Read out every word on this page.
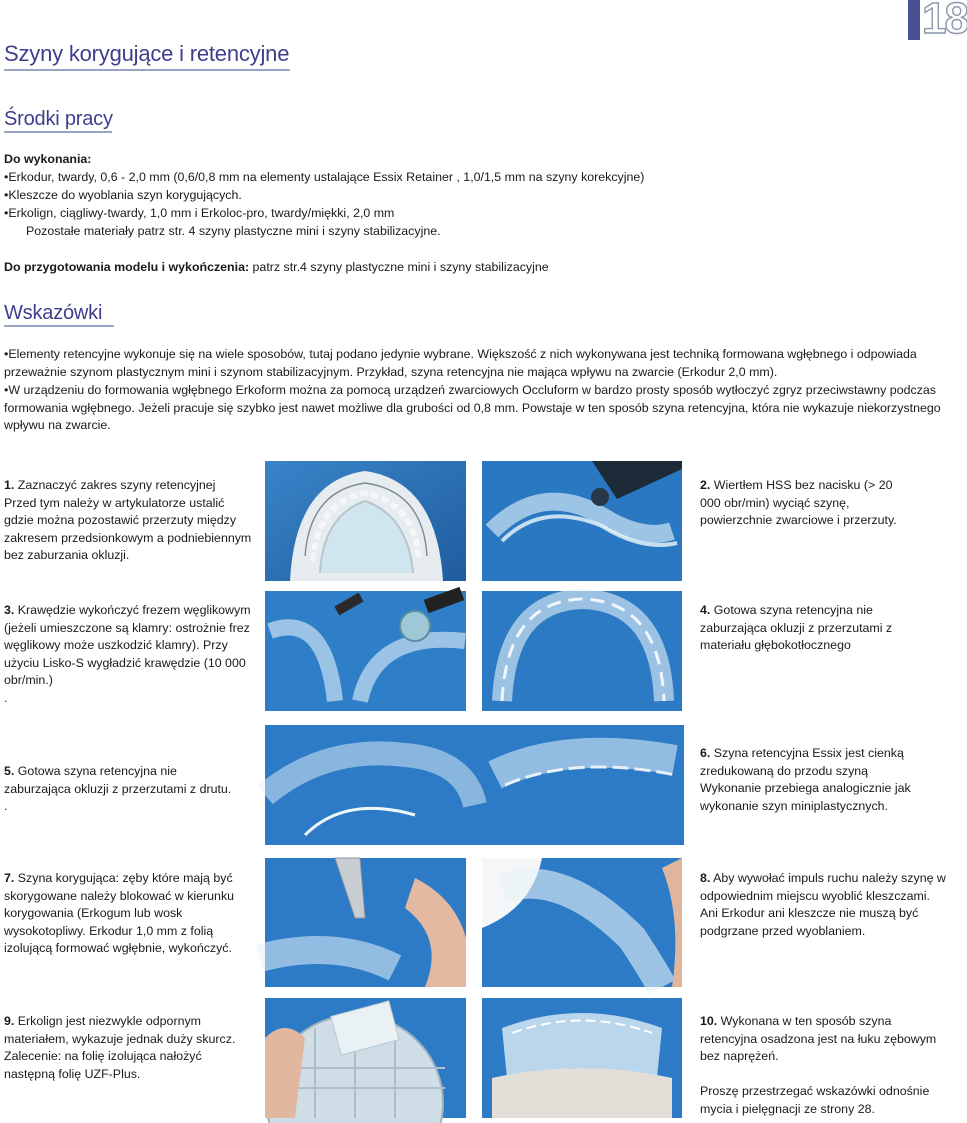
18
Szyny korygujące i retencyjne
Środki pracy
Do wykonania:
•Erkodur, twardy, 0,6 - 2,0 mm (0,6/0,8 mm na elementy ustalające Essix Retainer , 1,0/1,5 mm na szyny korekcyjne)
•Kleszcze do wyoblania szyn korygujących.
•Erkolign, ciągliwy-twardy, 1,0 mm i Erkoloc-pro, twardy/miękki, 2,0 mm
Pozostałe materiały patrz str. 4 szyny plastyczne mini i szyny stabilizacyjne.
Do przygotowania modelu i wykończenia: patrz str.4 szyny plastyczne mini i szyny stabilizacyjne
Wskazówki
•Elementy retencyjne wykonuje się na wiele sposobów, tutaj podano jedynie wybrane. Większość z nich wykonywana jest techniką formowana wgłębnego i odpowiada przeważnie szynom plastycznym mini i szynom stabilizacyjnym. Przykład, szyna retencyjna nie mająca wpływu na zwarcie (Erkodur 2,0 mm).
•W urządzeniu do formowania wgłębnego Erkoform można za pomocą urządzeń zwarciowych Occluform w bardzo prosty sposób wytłoczyć zgryz przeciwstawny podczas formowania wgłębnego. Jeżeli pracuje się szybko jest nawet możliwe dla grubości od 0,8 mm. Powstaje w ten sposób szyna retencyjna, która nie wykazuje niekorzystnego wpływu na zwarcie.
1. Zaznaczyć zakres szyny retencyjnej
Przed tym należy w artykulatorze ustalić gdzie można pozostawić przerzuty między zakresem przedsionkowym a podniebiennym bez zaburzania okluzji.
2. Wiertłem HSS bez nacisku (> 20 000 obr/min) wyciąć szynę, powierzchnie zwarciowe i przerzuty.
3. Krawędzie wykończyć frezem węglikowym (jeżeli umieszczone są klamry: ostrożnie frez węglikowy może uszkodzić klamry). Przy użyciu Lisko-S wygładzić krawędzie (10 000 obr/min.)
.
4. Gotowa szyna retencyjna nie zaburzająca okluzji z przerzutami z materiału głębokotłocznego
5. Gotowa szyna retencyjna nie zaburzająca okluzji z przerzutami z drutu.
.
6. Szyna retencyjna Essix jest cienką zredukowaną do przodu szyną
Wykonanie przebiega analogicznie jak wykonanie szyn miniplastycznych.
7. Szyna korygująca: zęby które mają być skorygowane należy blokować w kierunku korygowania (Erkogum lub wosk wysokotopliwy. Erkodur 1,0 mm z folią izolującą formować wgłębnie, wykończyć.
8. Aby wywołać impuls ruchu należy szynę w odpowiednim miejscu wyoblić kleszczami. Ani Erkodur ani kleszcze nie muszą być podgrzane przed wyoblaniem.
9. Erkolign jest niezwykle odpornym materiałem, wykazuje jednak duży skurcz. Zalecenie: na folię izolująca nałożyć następną folię UZF-Plus.
10. Wykonana w ten sposób szyna retencyjna osadzona jest na łuku zębowym bez naprężeń.

Proszę przestrzegać wskazówki odnośnie mycia i pielęgnacji ze strony 28.
